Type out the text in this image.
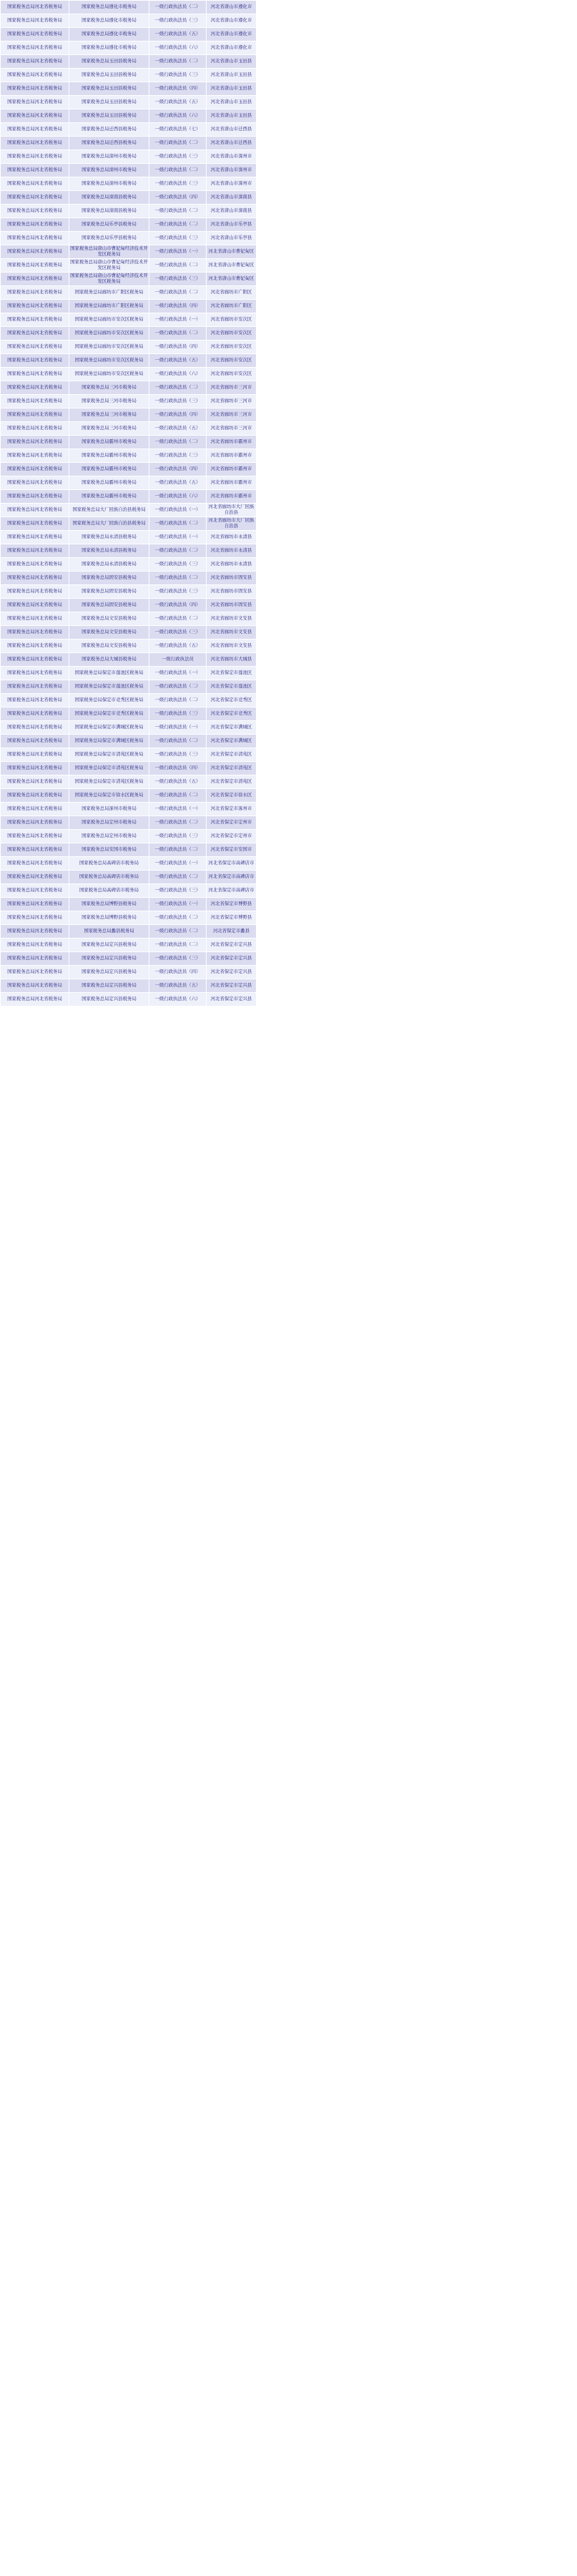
国家税务总局河北省税务局	国家税务总局遵化市税务局	一级行政执法员（二）	河北省唐山市遵化市
国家税务总局河北省税务局	国家税务总局遵化市税务局	一级行政执法员（三）	河北省唐山市遵化市
国家税务总局河北省税务局	国家税务总局遵化市税务局	一级行政执法员（五）	河北省唐山市遵化市
国家税务总局河北省税务局	国家税务总局遵化市税务局	一级行政执法员（六）	河北省唐山市遵化市
国家税务总局河北省税务局	国家税务总局玉田县税务局	一级行政执法员（二）	河北省唐山市玉田县
国家税务总局河北省税务局	国家税务总局玉田县税务局	一级行政执法员（三）	河北省唐山市玉田县
国家税务总局河北省税务局	国家税务总局玉田县税务局	一级行政执法员（四）	河北省唐山市玉田县
国家税务总局河北省税务局	国家税务总局玉田县税务局	一级行政执法员（五）	河北省唐山市玉田县
国家税务总局河北省税务局	国家税务总局玉田县税务局	一级行政执法员（六）	河北省唐山市玉田县
国家税务总局河北省税务局	国家税务总局迁西县税务局	一级行政执法员（七）	河北省唐山市迁西县
国家税务总局河北省税务局	国家税务总局迁西县税务局	一级行政执法员（二）	河北省唐山市迁西县
国家税务总局河北省税务局	国家税务总局滦州市税务局	一级行政执法员（三）	河北省唐山市滦州市
国家税务总局河北省税务局	国家税务总局滦州市税务局	一级行政执法员（二）	河北省唐山市滦州市
国家税务总局河北省税务局	国家税务总局滦州市税务局	一级行政执法员（三）	河北省唐山市滦州市
国家税务总局河北省税务局	国家税务总局滦南县税务局	一级行政执法员（四）	河北省唐山市滦南县
国家税务总局河北省税务局	国家税务总局滦南县税务局	一级行政执法员（二）	河北省唐山市滦南县
国家税务总局河北省税务局	国家税务总局乐亭县税务局	一级行政执法员（二）	河北省唐山市乐亭县
国家税务总局河北省税务局	国家税务总局乐亭县税务局	一级行政执法员（三）	河北省唐山市乐亭县
国家税务总局河北省税务局	国家税务总局唐山市曹妃甸经济技术开发区税务局	一级行政执法员（一）	河北省唐山市曹妃甸区
国家税务总局河北省税务局	国家税务总局唐山市曹妃甸经济技术开发区税务局	一级行政执法员（二）	河北省唐山市曹妃甸区
国家税务总局河北省税务局	国家税务总局唐山市曹妃甸经济技术开发区税务局	一级行政执法员（三）	河北省唐山市曹妃甸区
国家税务总局河北省税务局	国家税务总局廊坊市广阳区税务局	一级行政执法员（二）	河北省廊坊市广阳区
国家税务总局河北省税务局	国家税务总局廊坊市广阳区税务局	一级行政执法员（四）	河北省廊坊市广阳区
国家税务总局河北省税务局	国家税务总局廊坊市安次区税务局	一级行政执法员（一）	河北省廊坊市安次区
国家税务总局河北省税务局	国家税务总局廊坊市安次区税务局	一级行政执法员（二）	河北省廊坊市安次区
国家税务总局河北省税务局	国家税务总局廊坊市安次区税务局	一级行政执法员（四）	河北省廊坊市安次区
国家税务总局河北省税务局	国家税务总局廊坊市安次区税务局	一级行政执法员（五）	河北省廊坊市安次区
国家税务总局河北省税务局	国家税务总局廊坊市安次区税务局	一级行政执法员（六）	河北省廊坊市安次区
国家税务总局河北省税务局	国家税务总局三河市税务局	一级行政执法员（二）	河北省廊坊市三河市
国家税务总局河北省税务局	国家税务总局三河市税务局	一级行政执法员（三）	河北省廊坊市三河市
国家税务总局河北省税务局	国家税务总局三河市税务局	一级行政执法员（四）	河北省廊坊市三河市
国家税务总局河北省税务局	国家税务总局三河市税务局	一级行政执法员（五）	河北省廊坊市三河市
国家税务总局河北省税务局	国家税务总局霸州市税务局	一级行政执法员（二）	河北省廊坊市霸州市
国家税务总局河北省税务局	国家税务总局霸州市税务局	一级行政执法员（三）	河北省廊坊市霸州市
国家税务总局河北省税务局	国家税务总局霸州市税务局	一级行政执法员（四）	河北省廊坊市霸州市
国家税务总局河北省税务局	国家税务总局霸州市税务局	一级行政执法员（五）	河北省廊坊市霸州市
国家税务总局河北省税务局	国家税务总局霸州市税务局	一级行政执法员（六）	河北省廊坊市霸州市
国家税务总局河北省税务局	国家税务总局大厂回族自治县税务局	一级行政执法员（一）	河北省廊坊市大厂回族自治县
国家税务总局河北省税务局	国家税务总局大厂回族自治县税务局	一级行政执法员（二）	河北省廊坊市大厂回族自治县
国家税务总局河北省税务局	国家税务总局永清县税务局	一级行政执法员（一）	河北省廊坊市永清县
国家税务总局河北省税务局	国家税务总局永清县税务局	一级行政执法员（二）	河北省廊坊市永清县
国家税务总局河北省税务局	国家税务总局永清县税务局	一级行政执法员（三）	河北省廊坊市永清县
国家税务总局河北省税务局	国家税务总局固安县税务局	一级行政执法员（二）	河北省廊坊市固安县
国家税务总局河北省税务局	国家税务总局固安县税务局	一级行政执法员（三）	河北省廊坊市固安县
国家税务总局河北省税务局	国家税务总局固安县税务局	一级行政执法员（四）	河北省廊坊市固安县
国家税务总局河北省税务局	国家税务总局文安县税务局	一级行政执法员（二）	河北省廊坊市文安县
国家税务总局河北省税务局	国家税务总局文安县税务局	一级行政执法员（三）	河北省廊坊市文安县
国家税务总局河北省税务局	国家税务总局文安县税务局	一级行政执法员（五）	河北省廊坊市文安县
国家税务总局河北省税务局	国家税务总局大城县税务局	一级行政执法员	河北省廊坊市大城县
国家税务总局河北省税务局	国家税务总局保定市莲池区税务局	一级行政执法员（一）	河北省保定市莲池区
国家税务总局河北省税务局	国家税务总局保定市莲池区税务局	一级行政执法员（二）	河北省保定市莲池区
国家税务总局河北省税务局	国家税务总局保定市竞秀区税务局	一级行政执法员（二）	河北省保定市竞秀区
国家税务总局河北省税务局	国家税务总局保定市竞秀区税务局	一级行政执法员（三）	河北省保定市竞秀区
国家税务总局河北省税务局	国家税务总局保定市满城区税务局	一级行政执法员（一）	河北省保定市满城区
国家税务总局河北省税务局	国家税务总局保定市满城区税务局	一级行政执法员（二）	河北省保定市满城区
国家税务总局河北省税务局	国家税务总局保定市清苑区税务局	一级行政执法员（三）	河北省保定市清苑区
国家税务总局河北省税务局	国家税务总局保定市清苑区税务局	一级行政执法员（四）	河北省保定市清苑区
国家税务总局河北省税务局	国家税务总局保定市清苑区税务局	一级行政执法员（五）	河北省保定市清苑区
国家税务总局河北省税务局	国家税务总局保定市徐水区税务局	一级行政执法员（二）	河北省保定市徐水区
国家税务总局河北省税务局	国家税务总局涿州市税务局	一级行政执法员（一）	河北省保定市涿州市
国家税务总局河北省税务局	国家税务总局定州市税务局	一级行政执法员（二）	河北省保定市定州市
国家税务总局河北省税务局	国家税务总局定州市税务局	一级行政执法员（三）	河北省保定市定州市
国家税务总局河北省税务局	国家税务总局安国市税务局	一级行政执法员（二）	河北省保定市安国市
国家税务总局河北省税务局	国家税务总局高碑店市税务局	一级行政执法员（一）	河北省保定市高碑店市
国家税务总局河北省税务局	国家税务总局高碑店市税务局	一级行政执法员（二）	河北省保定市高碑店市
国家税务总局河北省税务局	国家税务总局高碑店市税务局	一级行政执法员（三）	河北省保定市高碑店市
国家税务总局河北省税务局	国家税务总局博野县税务局	一级行政执法员（一）	河北省保定市博野县
国家税务总局河北省税务局	国家税务总局博野县税务局	一级行政执法员（二）	河北省保定市博野县
国家税务总局河北省税务局	国家税务总局蠡县税务局	一级行政执法员（二）	河北省保定市蠡县
国家税务总局河北省税务局	国家税务总局定兴县税务局	一级行政执法员（二）	河北省保定市定兴县
国家税务总局河北省税务局	国家税务总局定兴县税务局	一级行政执法员（三）	河北省保定市定兴县
国家税务总局河北省税务局	国家税务总局定兴县税务局	一级行政执法员（四）	河北省保定市定兴县
国家税务总局河北省税务局	国家税务总局定兴县税务局	一级行政执法员（五）	河北省保定市定兴县
国家税务总局河北省税务局	国家税务总局定兴县税务局	一级行政执法员（六）	河北省保定市定兴县
